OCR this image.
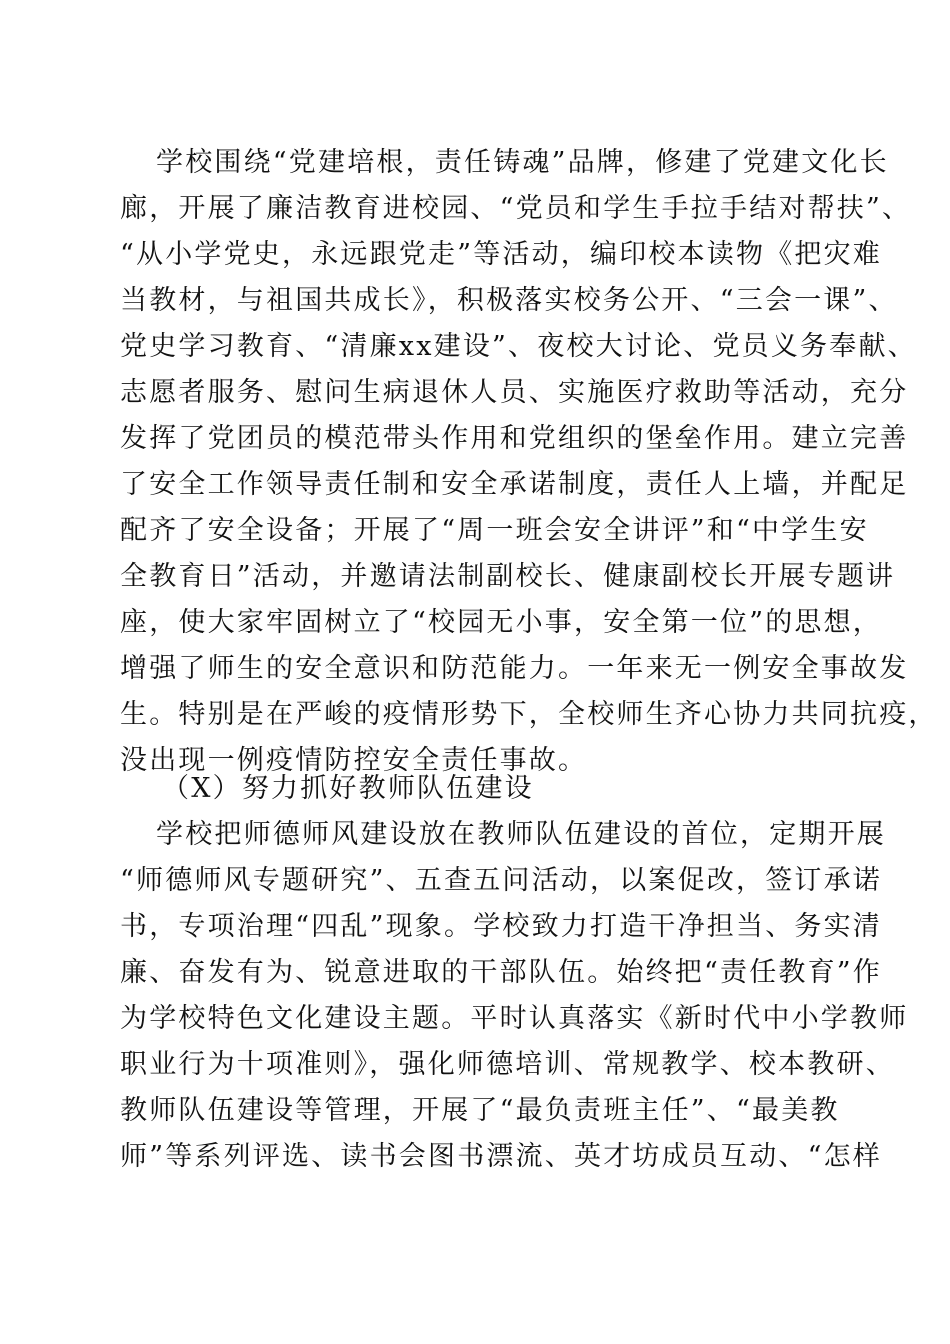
学校围绕“党建培根，责任铸魂”品牌，修建了党建文化长
廊，开展了廉洁教育进校园、“党员和学生手拉手结对帮扶”、
“从小学党史，永远跟党走”等活动，编印校本读物《把灾难
当教材，与祖国共成长》，积极落实校务公开、“三会一课”、
党史学习教育、“清廉xx建设”、夜校大讨论、党员义务奉献、
志愿者服务、慰问生病退休人员、实施医疗救助等活动，充分
发挥了党团员的模范带头作用和党组织的堡垒作用。建立完善
了安全工作领导责任制和安全承诺制度，责任人上墙，并配足
配齐了安全设备；开展了“周一班会安全讲评”和“中学生安
全教育日”活动，并邀请法制副校长、健康副校长开展专题讲
座，使大家牢固树立了“校园无小事，安全第一位”的思想，
增强了师生的安全意识和防范能力。一年来无一例安全事故发
生。特别是在严峻的疫情形势下，全校师生齐心协力共同抗疫，
没出现一例疫情防控安全责任事故。
（X）努力抓好教师队伍建设
学校把师德师风建设放在教师队伍建设的首位，定期开展
“师德师风专题研究”、五查五问活动，以案促改，签订承诺
书，专项治理“四乱”现象。学校致力打造干净担当、务实清
廉、奋发有为、锐意进取的干部队伍。始终把“责任教育”作
为学校特色文化建设主题。平时认真落实《新时代中小学教师
职业行为十项准则》，强化师德培训、常规教学、校本教研、
教师队伍建设等管理，开展了“最负责班主任”、“最美教
师”等系列评选、读书会图书漂流、英才坊成员互动、“怎样
